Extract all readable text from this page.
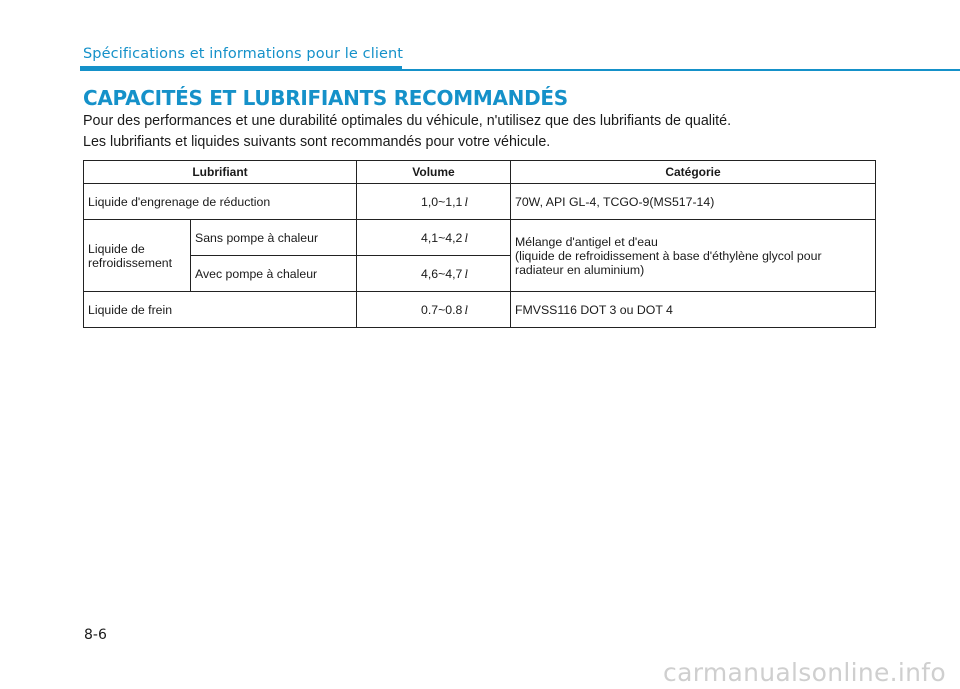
Spécifications et informations pour le client
CAPACITÉS ET LUBRIFIANTS RECOMMANDÉS
Pour des performances et une durabilité optimales du véhicule, n'utilisez que des lubrifiants de qualité.
Les lubrifiants et liquides suivants sont recommandés pour votre véhicule.
Lubrifiant		Volume	Catégorie
Liquide d'engrenage de réduction		1,0~1,1 l	70W, API GL-4, TCGO-9(MS517-14)
Liquide de refroidissement	Sans pompe à chaleur	4,1~4,2 l	Mélange d'antigel et d'eau
(liquide de refroidissement à base d'éthylène glycol pour radiateur en aluminium)

	Avec pompe à chaleur	4,6~4,7 l	
Liquide de frein		0.7~0.8 l	FMVSS116 DOT 3 ou DOT 4
8-6
carmanualsonline.info
